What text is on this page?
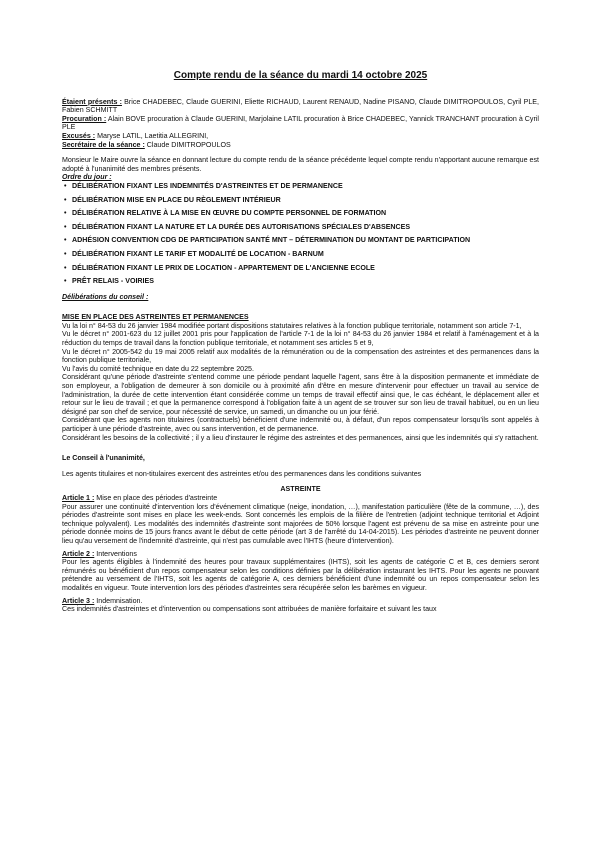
Compte rendu de la séance du mardi 14 octobre 2025

Étaient présents : Brice CHADEBEC, Claude GUERINI, Eliette RICHAUD, Laurent RENAUD, Nadine PISANO, Claude DIMITROPOULOS, Cyril PLE, Fabien SCHMITT

Procuration : Alain BOVE procuration à Claude GUERINI, Marjolaine LATIL procuration à Brice CHADEBEC, Yannick TRANCHANT procuration à Cyril PLE

Excusés : Maryse LATIL, Laetitia ALLEGRINI,

Secrétaire de la séance : Claude DIMITROPOULOS

Monsieur le Maire ouvre la séance en donnant lecture du compte rendu de la séance précédente lequel compte rendu n'apportant aucune remarque est adopté à l'unanimité des membres présents.

Ordre du jour :

• DÉLIBÉRATION FIXANT LES INDEMNITÉS D'ASTREINTES ET DE PERMANENCE
• DÉLIBÉRATION MISE EN PLACE DU RÈGLEMENT INTÉRIEUR
• DÉLIBÉRATION RELATIVE À LA MISE EN ŒUVRE DU COMPTE PERSONNEL DE FORMATION
• DÉLIBÉRATION FIXANT LA NATURE ET LA DURÉE DES AUTORISATIONS SPÉCIALES D'ABSENCES
• ADHÉSION CONVENTION CDG DE PARTICIPATION SANTÉ MNT – DÉTERMINATION DU MONTANT DE PARTICIPATION
• DÉLIBÉRATION FIXANT LE TARIF ET MODALITÉ DE LOCATION - BARNUM
• DÉLIBÉRATION FIXANT LE PRIX DE LOCATION - APPARTEMENT DE L'ANCIENNE ECOLE
• PRÊT RELAIS - VOIRIES

Délibérations du conseil :

MISE EN PLACE DES ASTREINTES ET PERMANENCES

Vu la loi n° 84-53 du 26 janvier 1984 modifiée portant dispositions statutaires relatives à la fonction publique territoriale, notamment son article 7-1,

Vu le décret n° 2001-623 du 12 juillet 2001 pris pour l'application de l'article 7-1 de la loi n° 84-53 du 26 janvier 1984 et relatif à l'aménagement et à la réduction du temps de travail dans la fonction publique territoriale, et notamment ses articles 5 et 9,

Vu le décret n° 2005-542 du 19 mai 2005 relatif aux modalités de la rémunération ou de la compensation des astreintes et des permanences dans la fonction publique territoriale,

Vu l'avis du comité technique en date du 22 septembre 2025.

Considérant qu'une période d'astreinte s'entend comme une période pendant laquelle l'agent, sans être à la disposition permanente et immédiate de son employeur, a l'obligation de demeurer à son domicile ou à proximité afin d'être en mesure d'intervenir pour effectuer un travail au service de l'administration, la durée de cette intervention étant considérée comme un temps de travail effectif ainsi que, le cas échéant, le déplacement aller et retour sur le lieu de travail ; et que la permanence correspond à l'obligation faite à un agent de se trouver sur son lieu de travail habituel, ou en un lieu désigné par son chef de service, pour nécessité de service, un samedi, un dimanche ou un jour férié.

Considérant que les agents non titulaires (contractuels) bénéficient d'une indemnité ou, à défaut, d'un repos compensateur lorsqu'ils sont appelés à participer à une période d'astreinte, avec ou sans intervention, et de permanence.

Considérant les besoins de la collectivité ; il y a lieu d'instaurer le régime des astreintes et des permanences, ainsi que les indemnités qui s'y rattachent.

Le Conseil à l'unanimité,

Les agents titulaires et non-titulaires exercent des astreintes et/ou des permanences dans les conditions suivantes

ASTREINTE

Article 1 : Mise en place des périodes d'astreinte

Pour assurer une continuité d'intervention lors d'événement climatique (neige, inondation, …), manifestation particulière (fête de la commune, …), des périodes d'astreinte sont mises en place les week-ends. Sont concernés les emplois de la filière de l'entretien (adjoint technique territorial et Adjoint technique polyvalent). Les modalités des indemnités d'astreinte sont majorées de 50% lorsque l'agent est prévenu de sa mise en astreinte pour une période donnée moins de 15 jours francs avant le début de cette période (art 3 de l'arrêté du 14-04-2015). Les périodes d'astreinte ne peuvent donner lieu qu'au versement de l'indemnité d'astreinte, qui n'est pas cumulable avec l'IHTS (heure d'intervention).

Article 2 : Interventions

Pour les agents éligibles à l'indemnité des heures pour travaux supplémentaires (IHTS), soit les agents de catégorie C et B, ces derniers seront rémunérés ou bénéficient d'un repos compensateur selon les conditions définies par la délibération instaurant les IHTS. Pour les agents ne pouvant prétendre au versement de l'IHTS, soit les agents de catégorie A, ces derniers bénéficient d'une indemnité ou un repos compensateur selon les modalités en vigueur. Toute intervention lors des périodes d'astreintes sera récupérée selon les barèmes en vigueur.

Article 3 : Indemnisation.

Ces indemnités d'astreintes et d'intervention ou compensations sont attribuées de manière forfaitaire et suivant les taux
